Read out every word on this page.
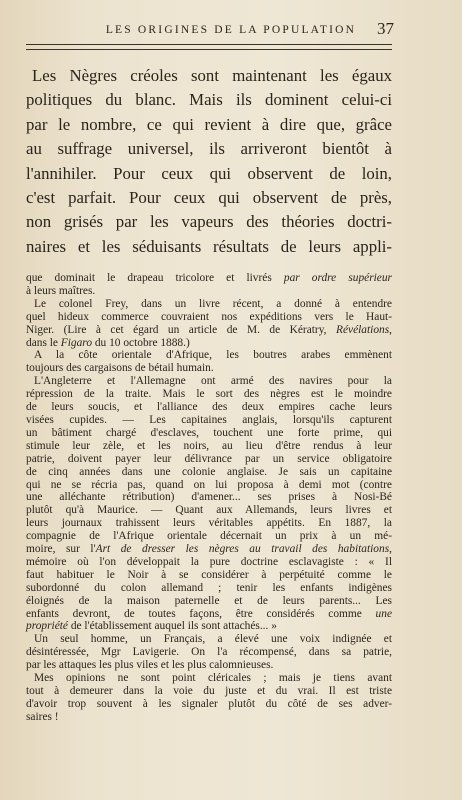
LES ORIGINES DE LA POPULATION	37
Les Nègres créoles sont maintenant les égaux
politiques du blanc. Mais ils dominent celui-ci
par le nombre, ce qui revient à dire que, grâce
au suffrage universel, ils arriveront bientôt à
l'annihiler. Pour ceux qui observent de loin,
c'est parfait. Pour ceux qui observent de près,
non grisés par les vapeurs des théories doctri-
naires et les séduisants résultats de leurs appli-
que dominait le drapeau tricolore et livrés par ordre supérieur
à leurs maîtres.
Le colonel Frey, dans un livre récent, a donné à entendre
quel hideux commerce couvraient nos expéditions vers le Haut-
Niger. (Lire à cet égard un article de M. de Kératry, Révélations,
dans le Figaro du 10 octobre 1888.)
A la côte orientale d'Afrique, les boutres arabes emmènent
toujours des cargaisons de bétail humain.
L'Angleterre et l'Allemagne ont armé des navires pour la
répression de la traite. Mais le sort des nègres est le moindre
de leurs soucis, et l'alliance des deux empires cache leurs
visées cupides. — Les capitaines anglais, lorsqu'ils capturent
un bâtiment chargé d'esclaves, touchent une forte prime, qui
stimule leur zèle, et les noirs, au lieu d'être rendus à leur
patrie, doivent payer leur délivrance par un service obligatoire
de cinq années dans une colonie anglaise. Je sais un capitaine
qui ne se récria pas, quand on lui proposa à demi mot (contre
une alléchante rétribution) d'amener... ses prises à Nosi-Bé
plutôt qu'à Maurice. — Quant aux Allemands, leurs livres et
leurs journaux trahissent leurs véritables appétits. En 1887, la
compagnie de l'Afrique orientale décernait un prix à un mé-
moire, sur l'Art de dresser les nègres au travail des habitations,
mémoire où l'on développait la pure doctrine esclavagiste : « Il
faut habituer le Noir à se considérer à perpétuité comme le
subordonné du colon allemand ; tenir les enfants indigènes
éloignés de la maison paternelle et de leurs parents... Les
enfants devront, de toutes façons, être considérés comme une
propriété de l'établissement auquel ils sont attachés... »
Un seul homme, un Français, a élevé une voix indignée et
désintéressée, Mgr Lavigerie. On l'a récompensé, dans sa patrie,
par les attaques les plus viles et les plus calomnieuses.
Mes opinions ne sont point cléricales ; mais je tiens avant
tout à demeurer dans la voie du juste et du vrai. Il est triste
d'avoir trop souvent à les signaler plutôt du côté de ses adver-
saires !
